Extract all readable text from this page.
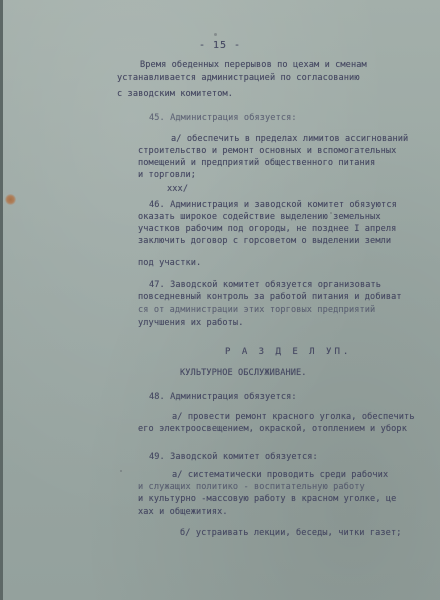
- 15 -

Время обеденных перерывов по цехам и сменам

устанавливается администрацией по согласованию

с заводским комитетом.

45. Администрация обязуется:

а/ обеспечить в пределах лимитов ассигнований

строительство и ремонт основных и вспомогательных

помещений и предприятий общественного питания

и торговли;

xxx/

46. Администрация и заводской комитет обязуются

оказать широкое содействие выделению земельных

участков рабочим под огороды, не позднее I апреля

заключить договор с горсоветом о выделении земли

под участки.

47. Заводской комитет обязуется организовать

повседневный контроль за работой питания и добиват

ся от администрации этих торговых предприятий

улучшения их работы.

Р А З Д Е Л УП.

КУЛЬТУРНОЕ ОБСЛУЖИВАНИЕ.

48. Администрация обязуется:

а/ провести ремонт красного уголка, обеспечить

его электроосвещением, окраской, отоплением и уборк

49. Заводской комитет обязуется:

а/ систематически проводить среди рабочих

и служащих политико - воспитательную работу

и культурно -массовую работу в красном уголке, це

хах и общежитиях.

б/ устраивать лекции, беседы, читки газет;
